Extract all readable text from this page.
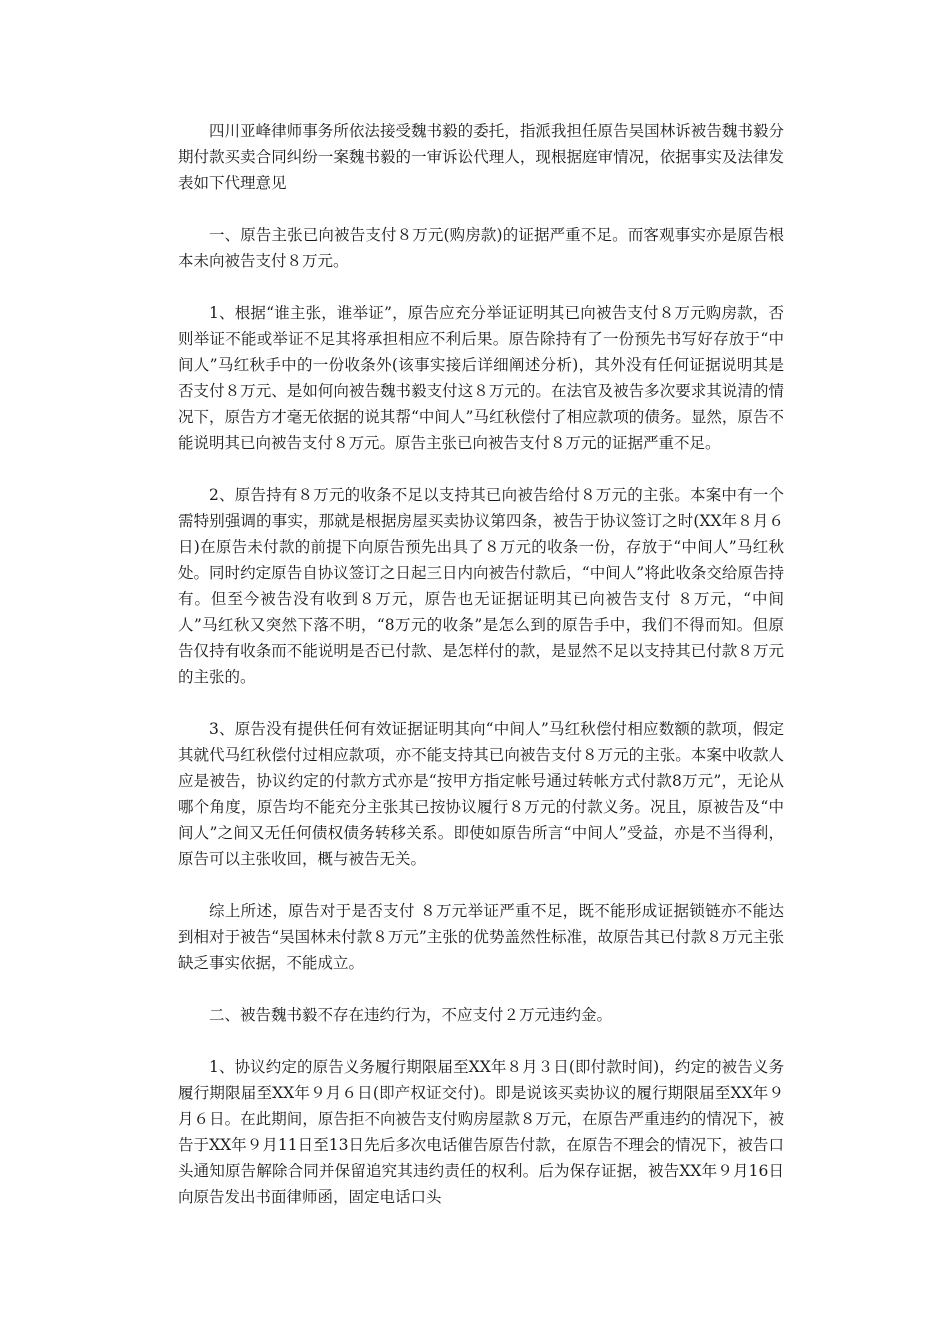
四川亚峰律师事务所依法接受魏书毅的委托，指派我担任原告吴国林诉被告魏书毅分期付款买卖合同纠纷一案魏书毅的一审诉讼代理人，现根据庭审情况，依据事实及法律发表如下代理意见

一、原告主张已向被告支付８万元(购房款)的证据严重不足。而客观事实亦是原告根本未向被告支付８万元。

1、根据“谁主张，谁举证”，原告应充分举证证明其已向被告支付８万元购房款，否则举证不能或举证不足其将承担相应不利后果。原告除持有了一份预先书写好存放于“中间人”马红秋手中的一份收条外(该事实接后详细阐述分析)，其外没有任何证据说明其是否支付８万元、是如何向被告魏书毅支付这８万元的。在法官及被告多次要求其说清的情况下，原告方才毫无依据的说其帮“中间人”马红秋偿付了相应款项的债务。显然，原告不能说明其已向被告支付８万元。原告主张已向被告支付８万元的证据严重不足。

2、原告持有８万元的收条不足以支持其已向被告给付８万元的主张。本案中有一个需特别强调的事实，那就是根据房屋买卖协议第四条，被告于协议签订之时(XX年８月６日)在原告未付款的前提下向原告预先出具了８万元的收条一份，存放于“中间人”马红秋处。同时约定原告自协议签订之日起三日内向被告付款后，“中间人”将此收条交给原告持有。但至今被告没有收到８万元，原告也无证据证明其已向被告支付 ８万元，“中间人”马红秋又突然下落不明，“8万元的收条”是怎么到的原告手中，我们不得而知。但原告仅持有收条而不能说明是否已付款、是怎样付的款，是显然不足以支持其已付款８万元的主张的。

3、原告没有提供任何有效证据证明其向“中间人”马红秋偿付相应数额的款项，假定其就代马红秋偿付过相应款项，亦不能支持其已向被告支付８万元的主张。本案中收款人应是被告，协议约定的付款方式亦是“按甲方指定帐号通过转帐方式付款8万元”，无论从哪个角度，原告均不能充分主张其已按协议履行８万元的付款义务。况且，原被告及“中间人”之间又无任何债权债务转移关系。即使如原告所言“中间人”受益，亦是不当得利，原告可以主张收回，概与被告无关。

综上所述，原告对于是否支付 ８万元举证严重不足，既不能形成证据锁链亦不能达到相对于被告“吴国林未付款８万元”主张的优势盖然性标准，故原告其已付款８万元主张缺乏事实依据，不能成立。

二、被告魏书毅不存在违约行为，不应支付２万元违约金。

1、协议约定的原告义务履行期限届至XX年８月３日(即付款时间)，约定的被告义务履行期限届至XX年９月６日(即产权证交付)。即是说该买卖协议的履行期限届至XX年９月６日。在此期间，原告拒不向被告支付购房屋款８万元，在原告严重违约的情况下，被告于XX年９月11日至13日先后多次电话催告原告付款，在原告不理会的情况下，被告口头通知原告解除合同并保留追究其违约责任的权利。后为保存证据，被告XX年９月16日向原告发出书面律师函，固定电话口头
